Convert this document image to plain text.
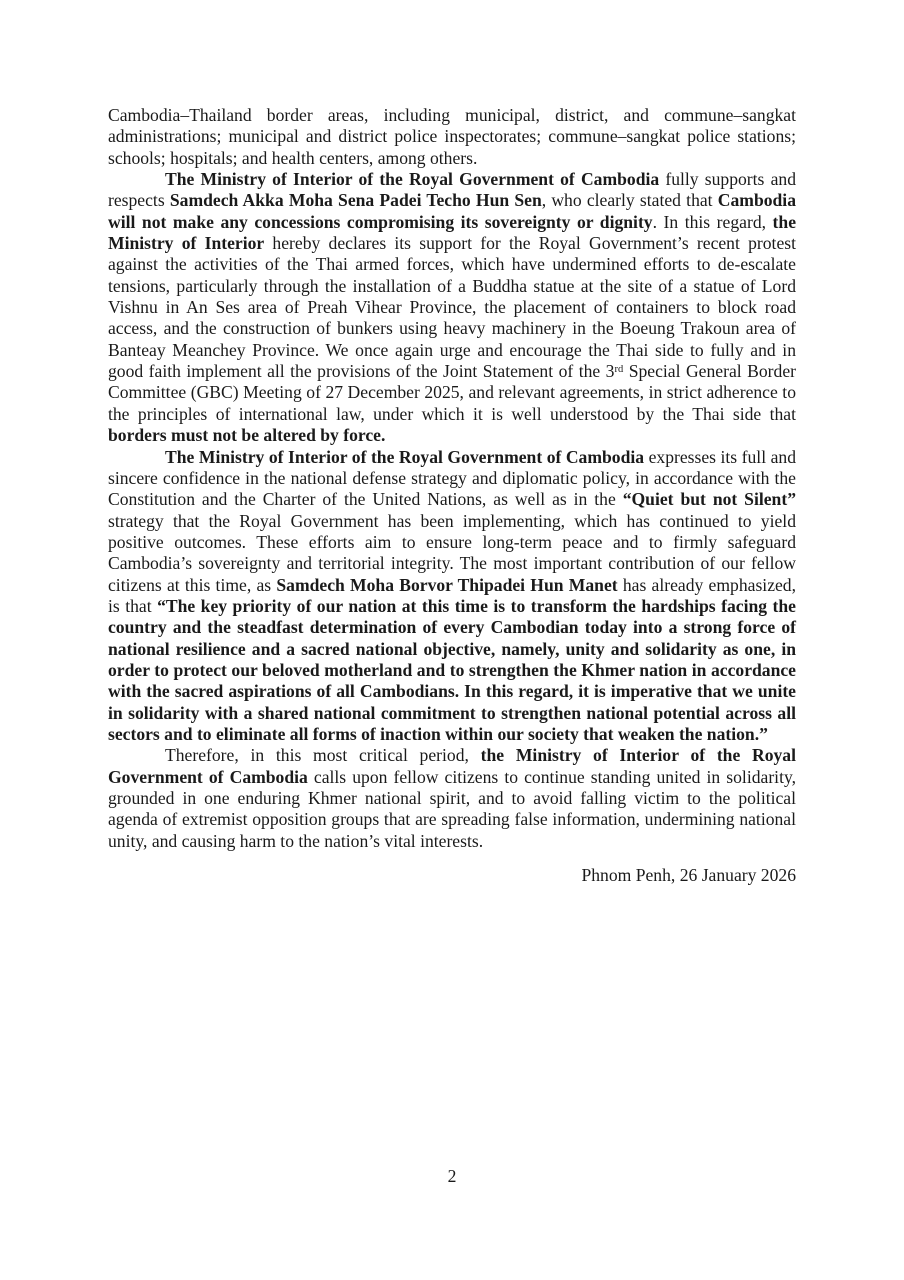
Cambodia–Thailand border areas, including municipal, district, and commune–sangkat administrations; municipal and district police inspectorates; commune–sangkat police stations; schools; hospitals; and health centers, among others.

The Ministry of Interior of the Royal Government of Cambodia fully supports and respects Samdech Akka Moha Sena Padei Techo Hun Sen, who clearly stated that Cambodia will not make any concessions compromising its sovereignty or dignity. In this regard, the Ministry of Interior hereby declares its support for the Royal Government’s recent protest against the activities of the Thai armed forces, which have undermined efforts to de-escalate tensions, particularly through the installation of a Buddha statue at the site of a statue of Lord Vishnu in An Ses area of Preah Vihear Province, the placement of containers to block road access, and the construction of bunkers using heavy machinery in the Boeung Trakoun area of Banteay Meanchey Province. We once again urge and encourage the Thai side to fully and in good faith implement all the provisions of the Joint Statement of the 3rd Special General Border Committee (GBC) Meeting of 27 December 2025, and relevant agreements, in strict adherence to the principles of international law, under which it is well understood by the Thai side that borders must not be altered by force.

The Ministry of Interior of the Royal Government of Cambodia expresses its full and sincere confidence in the national defense strategy and diplomatic policy, in accordance with the Constitution and the Charter of the United Nations, as well as in the “Quiet but not Silent” strategy that the Royal Government has been implementing, which has continued to yield positive outcomes. These efforts aim to ensure long-term peace and to firmly safeguard Cambodia’s sovereignty and territorial integrity. The most important contribution of our fellow citizens at this time, as Samdech Moha Borvor Thipadei Hun Manet has already emphasized, is that “The key priority of our nation at this time is to transform the hardships facing the country and the steadfast determination of every Cambodian today into a strong force of national resilience and a sacred national objective, namely, unity and solidarity as one, in order to protect our beloved motherland and to strengthen the Khmer nation in accordance with the sacred aspirations of all Cambodians. In this regard, it is imperative that we unite in solidarity with a shared national commitment to strengthen national potential across all sectors and to eliminate all forms of inaction within our society that weaken the nation.”

Therefore, in this most critical period, the Ministry of Interior of the Royal Government of Cambodia calls upon fellow citizens to continue standing united in solidarity, grounded in one enduring Khmer national spirit, and to avoid falling victim to the political agenda of extremist opposition groups that are spreading false information, undermining national unity, and causing harm to the nation’s vital interests.

Phnom Penh, 26 January 2026

2
